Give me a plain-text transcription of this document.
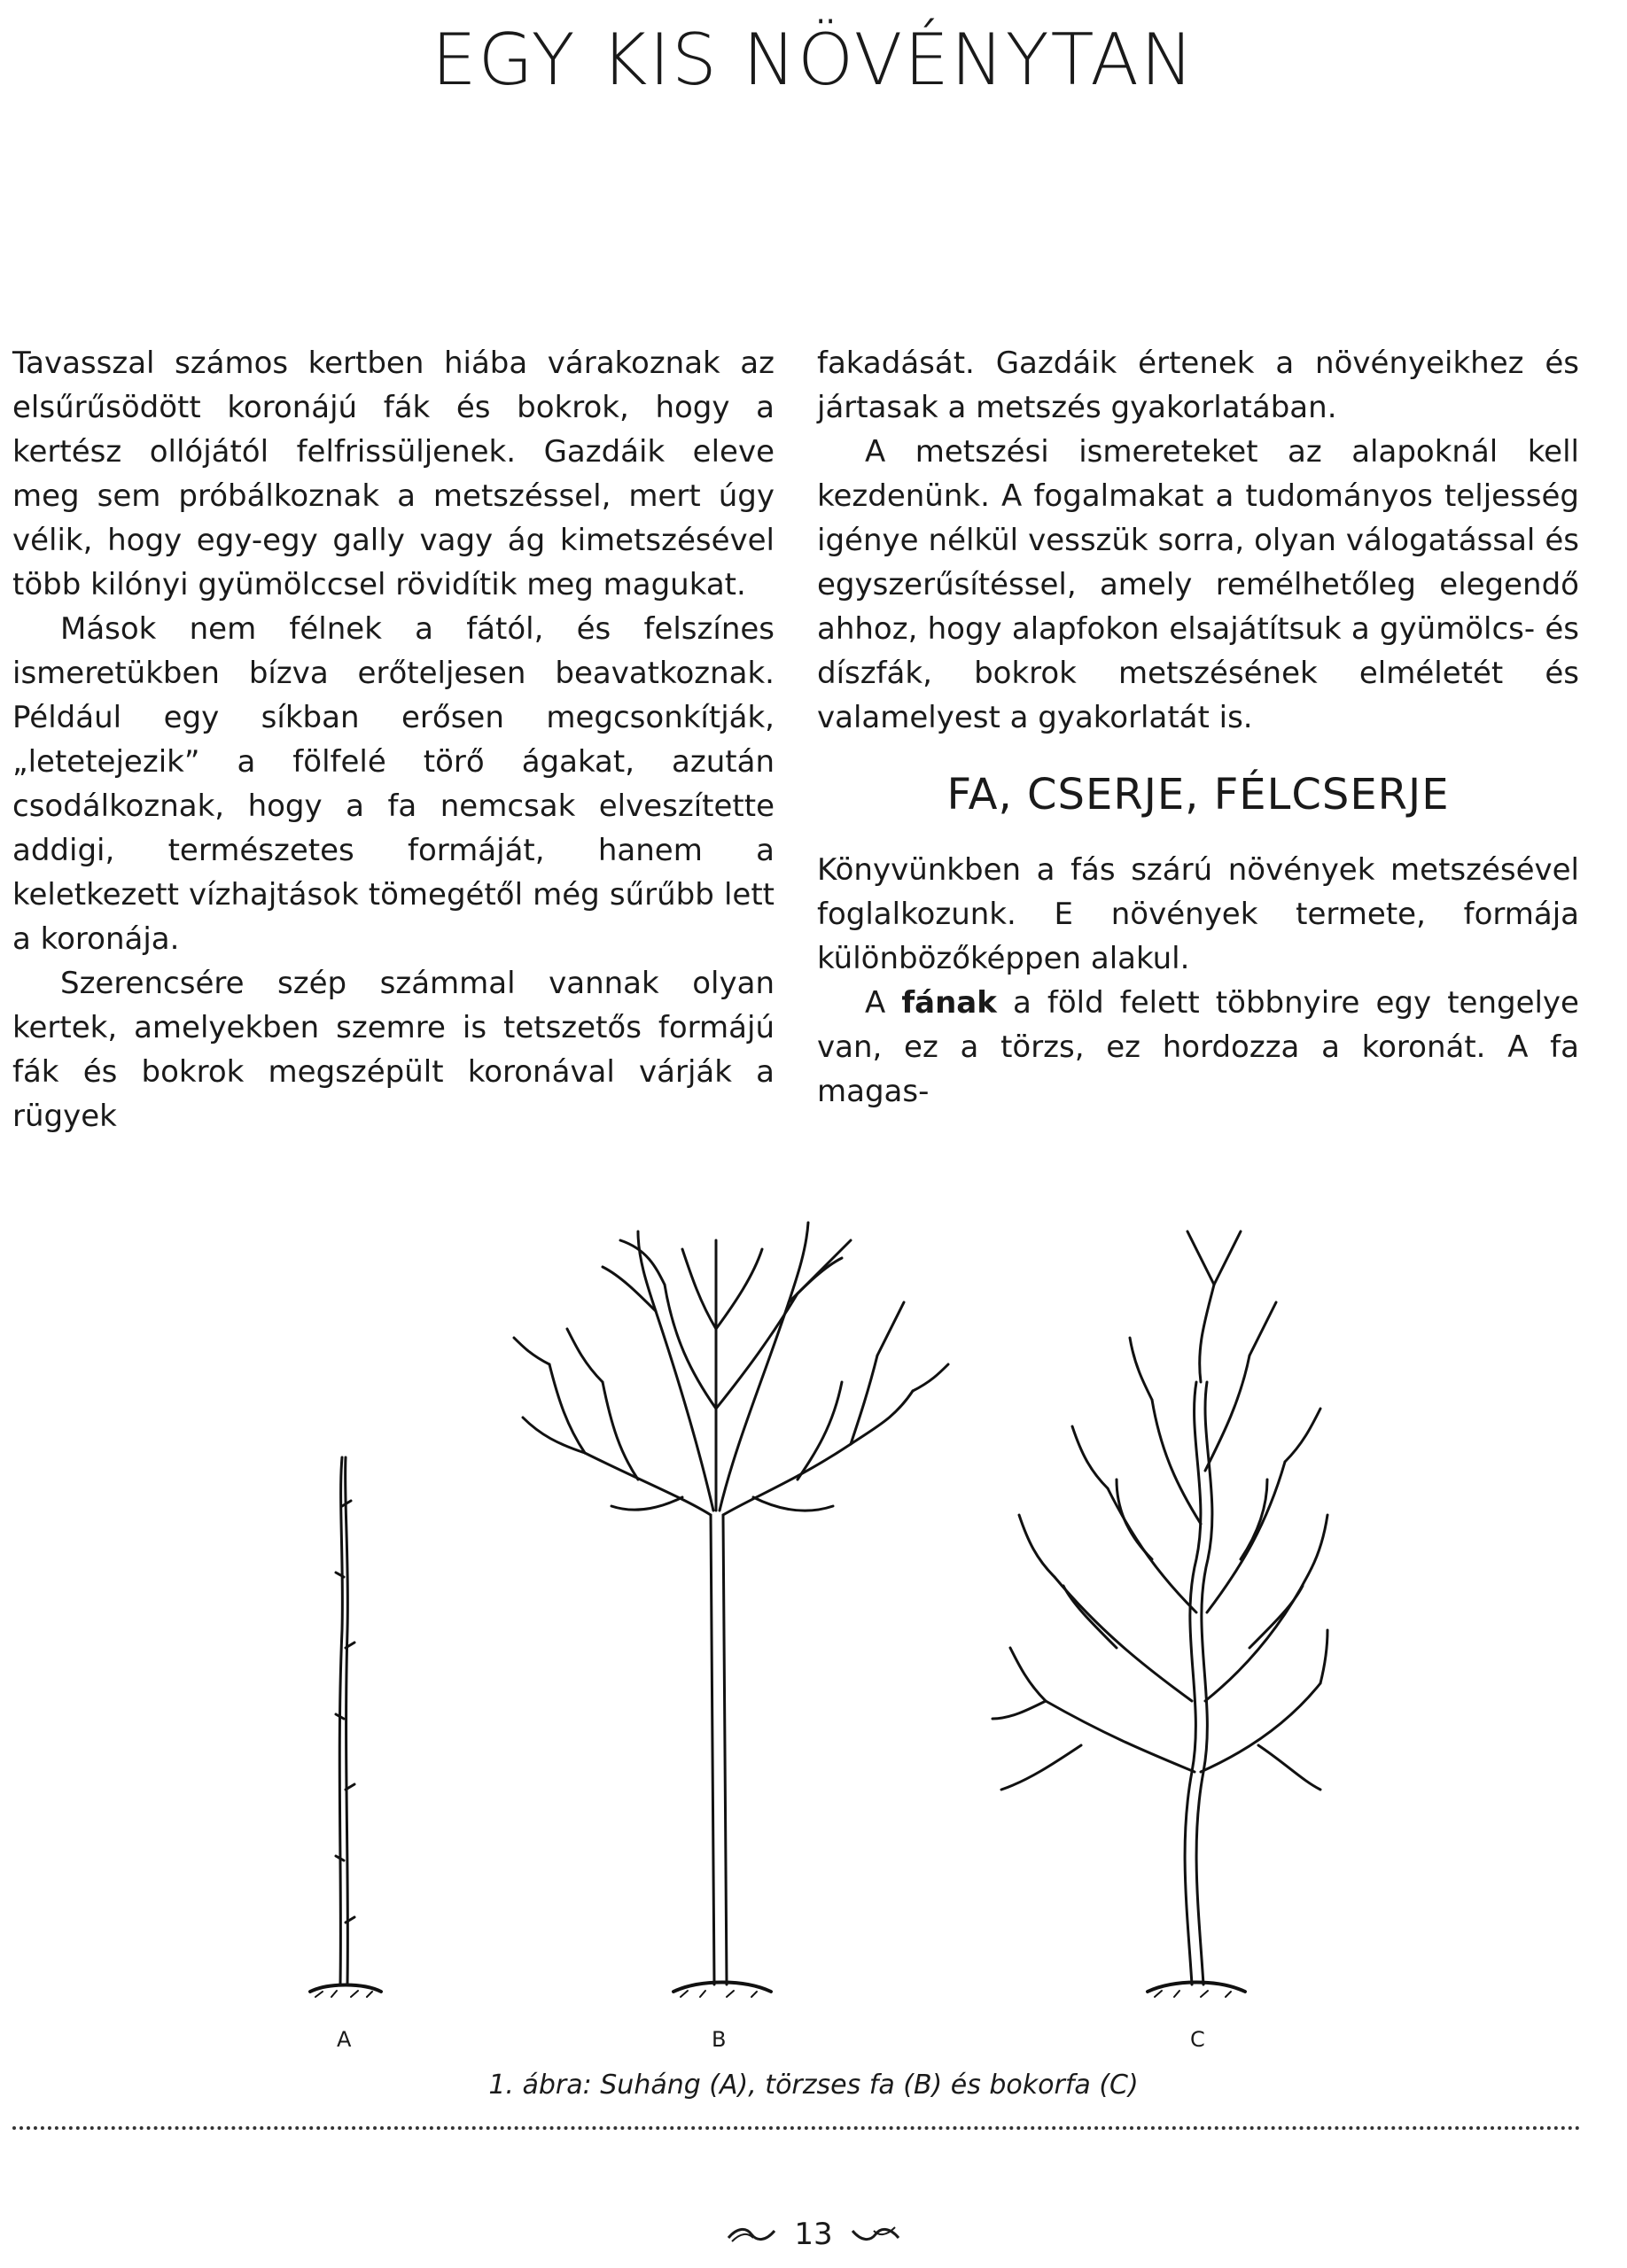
EGY KIS NÖVÉNYTAN

Tavasszal számos kertben hiába várakoznak az elsűrűsödött koronájú fák és bokrok, hogy a kertész ollójától felfrissüljenek. Gazdáik eleve meg sem próbálkoznak a metszéssel, mert úgy vélik, hogy egy-egy gally vagy ág kimetszésével több kilónyi gyümölccsel rövidítik meg magukat.

Mások nem félnek a fától, és felszínes ismeretükben bízva erőteljesen beavatkoznak. Például egy síkban erősen megcsonkítják, „letetejezik” a fölfelé törő ágakat, azután csodálkoznak, hogy a fa nemcsak elveszítette addigi, természetes formáját, hanem a keletkezett vízhajtások tömegétől még sűrűbb lett a koronája.

Szerencsére szép számmal vannak olyan kertek, amelyekben szemre is tetszetős formájú fák és bokrok megszépült koronával várják a rügyek

fakadását. Gazdáik értenek a növényeikhez és jártasak a metszés gyakorlatában.

A metszési ismereteket az alapoknál kell kezdenünk. A fogalmakat a tudományos teljesség igénye nélkül vesszük sorra, olyan válogatással és egyszerűsítéssel, amely remélhetőleg elegendő ahhoz, hogy alapfokon elsajátítsuk a gyümölcs- és díszfák, bokrok metszésének elméletét és valamelyest a gyakorlatát is.

FA, CSERJE, FÉLCSERJE

Könyvünkben a fás szárú növények metszésével foglalkozunk. E növények termete, formája különbözőképpen alakul.

A fának a föld felett többnyire egy tengelye van, ez a törzs, ez hordozza a koronát. A fa magas-

A	B	C
1. ábra: Suháng (A), törzses fa (B) és bokorfa (C)
13
